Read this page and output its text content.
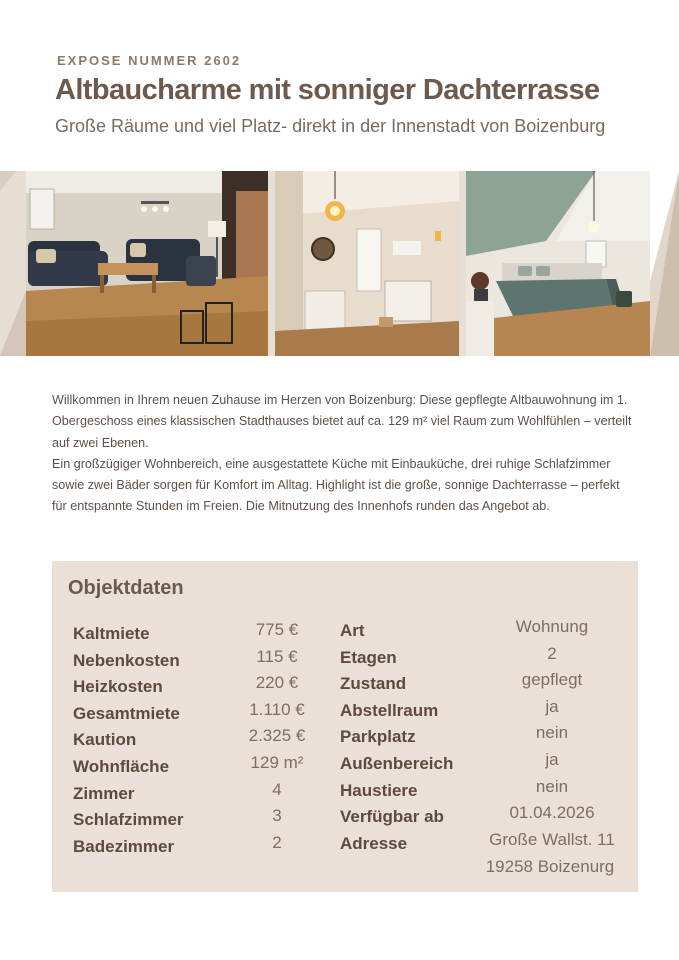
EXPOSE NUMMER 2602
Altbaucharme mit sonniger Dachterrasse
Große Räume und viel Platz- direkt in der Innenstadt von Boizenburg

Willkommen in Ihrem neuen Zuhause im Herzen von Boizenburg: Diese gepflegte Altbauwohnung im 1. Obergeschoss eines klassischen Stadthauses bietet auf ca. 129 m² viel Raum zum Wohlfühlen – verteilt auf zwei Ebenen.

Ein großzügiger Wohnbereich, eine ausgestattete Küche mit Einbauküche, drei ruhige Schlafzimmer sowie zwei Bäder sorgen für Komfort im Alltag. Highlight ist die große, sonnige Dachterrasse – perfekt für entspannte Stunden im Freien. Die Mitnutzung des Innenhofs runden das Angebot ab.

Objektdaten
Kaltmiete	775 €
Nebenkosten	115 €
Heizkosten	220 €
Gesamtmiete	1.110 €
Kaution	2.325 €
Wohnfläche	129 m²
Zimmer	4
Schlafzimmer	3
Badezimmer	2
Art	Wohnung
Etagen	2
Zustand	gepflegt
Abstellraum	ja
Parkplatz	nein
Außenbereich	ja
Haustiere	nein
Verfügbar ab	01.04.2026
Adresse	Große Wallst. 11
19258 Boizenurg
